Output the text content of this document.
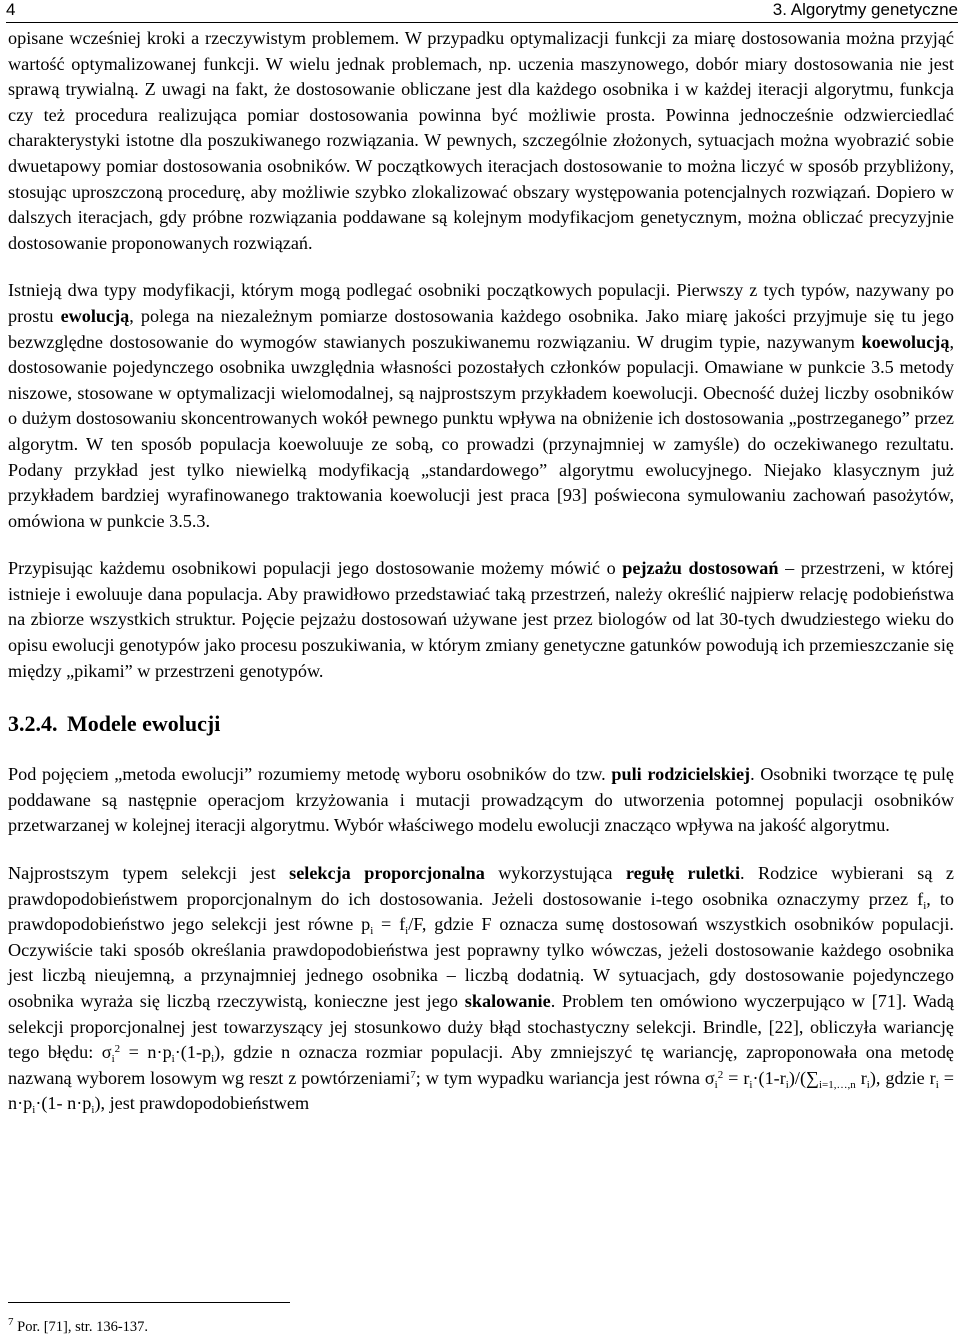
4	3. Algorytmy genetyczne

opisane wcześniej kroki a rzeczywistym problemem. W przypadku optymalizacji funkcji za miarę dostosowania można przyjąć wartość optymalizowanej funkcji. W wielu jednak problemach, np. uczenia maszynowego, dobór miary dostosowania nie jest sprawą trywialną. Z uwagi na fakt, że dostosowanie obliczane jest dla każdego osobnika i w każdej iteracji algorytmu, funkcja czy też procedura realizująca pomiar dostosowania powinna być możliwie prosta. Powinna jednocześnie odzwierciedlać charakterystyki istotne dla poszukiwanego rozwiązania. W pewnych, szczególnie złożonych, sytuacjach można wyobrazić sobie dwuetapowy pomiar dostosowania osobników. W początkowych iteracjach dostosowanie to można liczyć w sposób przybliżony, stosując uproszczoną procedurę, aby możliwie szybko zlokalizować obszary występowania potencjalnych rozwiązań. Dopiero w dalszych iteracjach, gdy próbne rozwiązania poddawane są kolejnym modyfikacjom genetycznym, można obliczać precyzyjnie dostosowanie proponowanych rozwiązań.

Istnieją dwa typy modyfikacji, którym mogą podlegać osobniki początkowych populacji. Pierwszy z tych typów, nazywany po prostu ewolucją, polega na niezależnym pomiarze dostosowania każdego osobnika. Jako miarę jakości przyjmuje się tu jego bezwzględne dostosowanie do wymogów stawianych poszukiwanemu rozwiązaniu. W drugim typie, nazywanym koewolucją, dostosowanie pojedynczego osobnika uwzględnia własności pozostałych członków populacji. Omawiane w punkcie 3.5 metody niszowe, stosowane w optymalizacji wielomodalnej, są najprostszym przykładem koewolucji. Obecność dużej liczby osobników o dużym dostosowaniu skoncentrowanych wokół pewnego punktu wpływa na obniżenie ich dostosowania „postrzeganego” przez algorytm. W ten sposób populacja koewoluuje ze sobą, co prowadzi (przynajmniej w zamyśle) do oczekiwanego rezultatu. Podany przykład jest tylko niewielką modyfikacją „standardowego” algorytmu ewolucyjnego. Niejako klasycznym już przykładem bardziej wyrafinowanego traktowania koewolucji jest praca [93] poświecona symulowaniu zachowań pasożytów, omówiona w punkcie 3.5.3.

Przypisując każdemu osobnikowi populacji jego dostosowanie możemy mówić o pejzażu dostosowań – przestrzeni, w której istnieje i ewoluuje dana populacja. Aby prawidłowo przedstawiać taką przestrzeń, należy określić najpierw relację podobieństwa na zbiorze wszystkich struktur. Pojęcie pejzażu dostosowań używane jest przez biologów od lat 30-tych dwudziestego wieku do opisu ewolucji genotypów jako procesu poszukiwania, w którym zmiany genetyczne gatunków powodują ich przemieszczanie się między „pikami” w przestrzeni genotypów.

3.2.4. Modele ewolucji

Pod pojęciem „metoda ewolucji” rozumiemy metodę wyboru osobników do tzw. puli rodzicielskiej. Osobniki tworzące tę pulę poddawane są następnie operacjom krzyżowania i mutacji prowadzącym do utworzenia potomnej populacji osobników przetwarzanej w kolejnej iteracji algorytmu. Wybór właściwego modelu ewolucji znacząco wpływa na jakość algorytmu.

Najprostszym typem selekcji jest selekcja proporcjonalna wykorzystująca regułę ruletki. Rodzice wybierani są z prawdopodobieństwem proporcjonalnym do ich dostosowania. Jeżeli dostosowanie i-tego osobnika oznaczymy przez $f_i$, to prawdopodobieństwo jego selekcji jest równe $p_i = f_i/F$, gdzie F oznacza sumę dostosowań wszystkich osobników populacji. Oczywiście taki sposób określania prawdopodobieństwa jest poprawny tylko wówczas, jeżeli dostosowanie każdego osobnika jest liczbą nieujemną, a przynajmniej jednego osobnika – liczbą dodatnią. W sytuacjach, gdy dostosowanie pojedynczego osobnika wyraża się liczbą rzeczywistą, konieczne jest jego skalowanie. Problem ten omówiono wyczerpująco w [71]. Wadą selekcji proporcjonalnej jest towarzyszący jej stosunkowo duży błąd stochastyczny selekcji. Brindle, [22], obliczyła wariancję tego błędu: $\sigma_i^2 = n\cdot p_i\cdot(1-p_i)$, gdzie n oznacza rozmiar populacji. Aby zmniejszyć tę wariancję, zaproponowała ona metodę nazwaną wyborem losowym wg reszt z powtórzeniami$^7$; w tym wypadku wariancja jest równa $\sigma_i^2 = r_i\cdot(1-r_i)/(\sum_{i=1,\dots,n}$ $r_i$), gdzie $r_i = n\cdot p_i\cdot(1-$ $n\cdot p_i$), jest prawdopodobieństwem

$^7$ Por. [71], str. 136-137.
